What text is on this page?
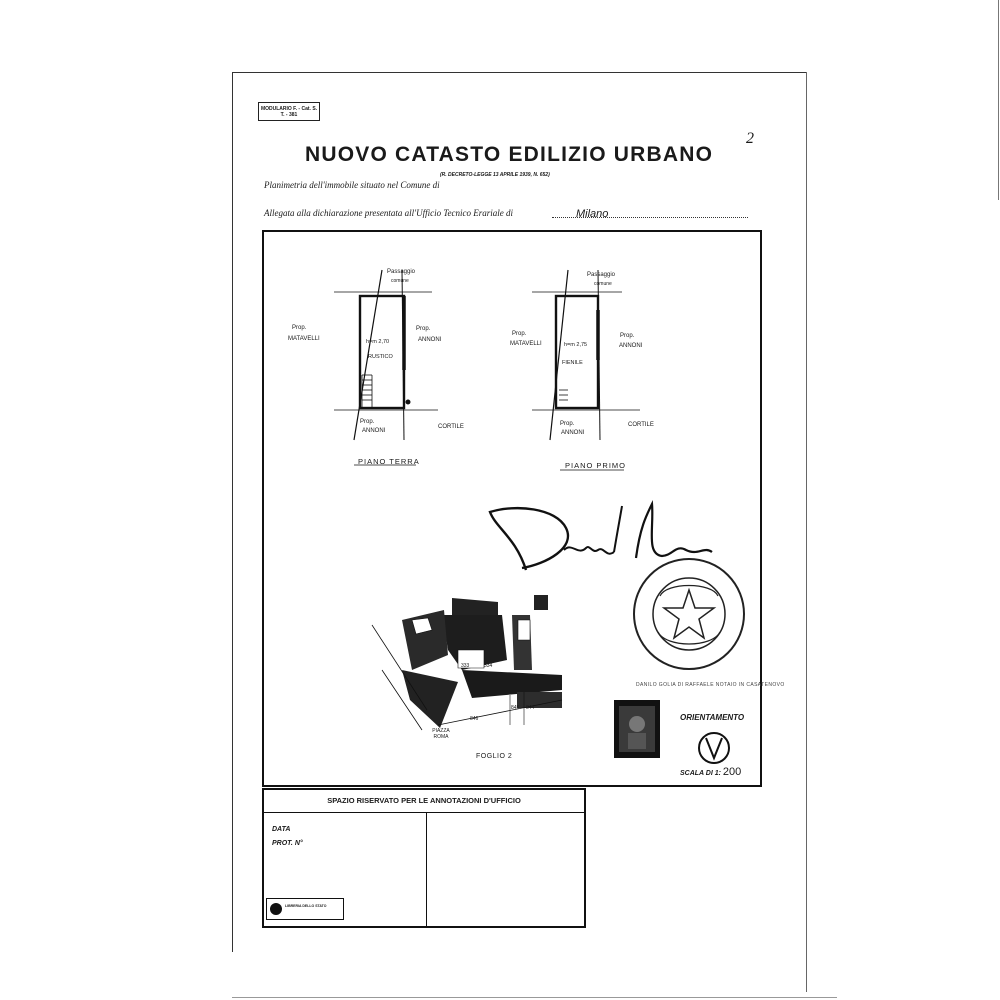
MODULARIO F. - Cat. S. T. - 381
NUOVO CATASTO EDILIZIO URBANO
(R. DECRETO-LEGGE 13 APRILE 1939, N. 652)
2
Planimetria dell'immobile situato nel Comune di
Allegata alla dichiarazione presentata all'Ufficio Tecnico Erariale di	Milano
Passaggio
comune
Prop.
MATAVELLI
Prop.
ANNONI
h=m 2,70
RUSTICO
Prop.
ANNONI
CORTILE
PIANO TERRA
Passaggio
comune
Prop.
MATAVELLI
Prop.
ANNONI
h=m 2,75
FIENILE
Prop.
ANNONI
CORTILE
PIANO PRIMO
DANILO GOLIA DI RAFFAELE NOTAIO IN CASATENOVO
278
333	334
846
845 844
PIAZZA ROMA
FOGLIO 2
ORIENTAMENTO
SCALA DI 1: 200
SPAZIO RISERVATO PER LE ANNOTAZIONI D'UFFICIO
DATA
PROT. N°
LIBRERIA DELLO STATO
